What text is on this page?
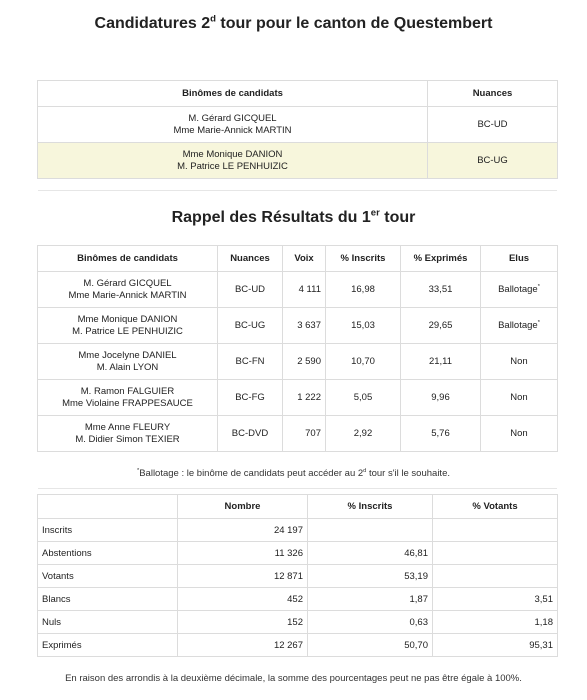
Candidatures 2$^d$ tour pour le canton de Questembert
Binômes de candidats	Nuances

M. Gérard GICQUEL
Mme Marie-Annick MARTIN	BC-UD

Mme Monique DANION
M. Patrice LE PENHUIZIC	BC-UG
Rappel des Résultats du 1er tour
Binômes de candidats	Nuances	Voix	% Inscrits	% Exprimés	Elus

M. Gérard GICQUEL
Mme Marie-Annick MARTIN	BC-UD	4 111	16,98	33,51	Ballotage*

Mme Monique DANION
M. Patrice LE PENHUIZIC	BC-UG	3 637	15,03	29,65	Ballotage*

Mme Jocelyne DANIEL
M. Alain LYON	BC-FN	2 590	10,70	21,11	Non

M. Ramon FALGUIER
Mme Violaine FRAPPESAUCE	BC-FG	1 222	5,05	9,96	Non

Mme Anne FLEURY
M. Didier Simon TEXIER	BC-DVD	707	2,92	5,76	Non
*Ballotage : le binôme de candidats peut accéder au 2$^d$ tour s'il le souhaite.
	Nombre	% Inscrits	% Votants
Inscrits	24 197		
Abstentions	11 326	46,81	
Votants	12 871	53,19	
Blancs	452	1,87	3,51
Nuls	152	0,63	1,18
Exprimés	12 267	50,70	95,31
En raison des arrondis à la deuxième décimale, la somme des pourcentages peut ne pas être égale à 100%.
